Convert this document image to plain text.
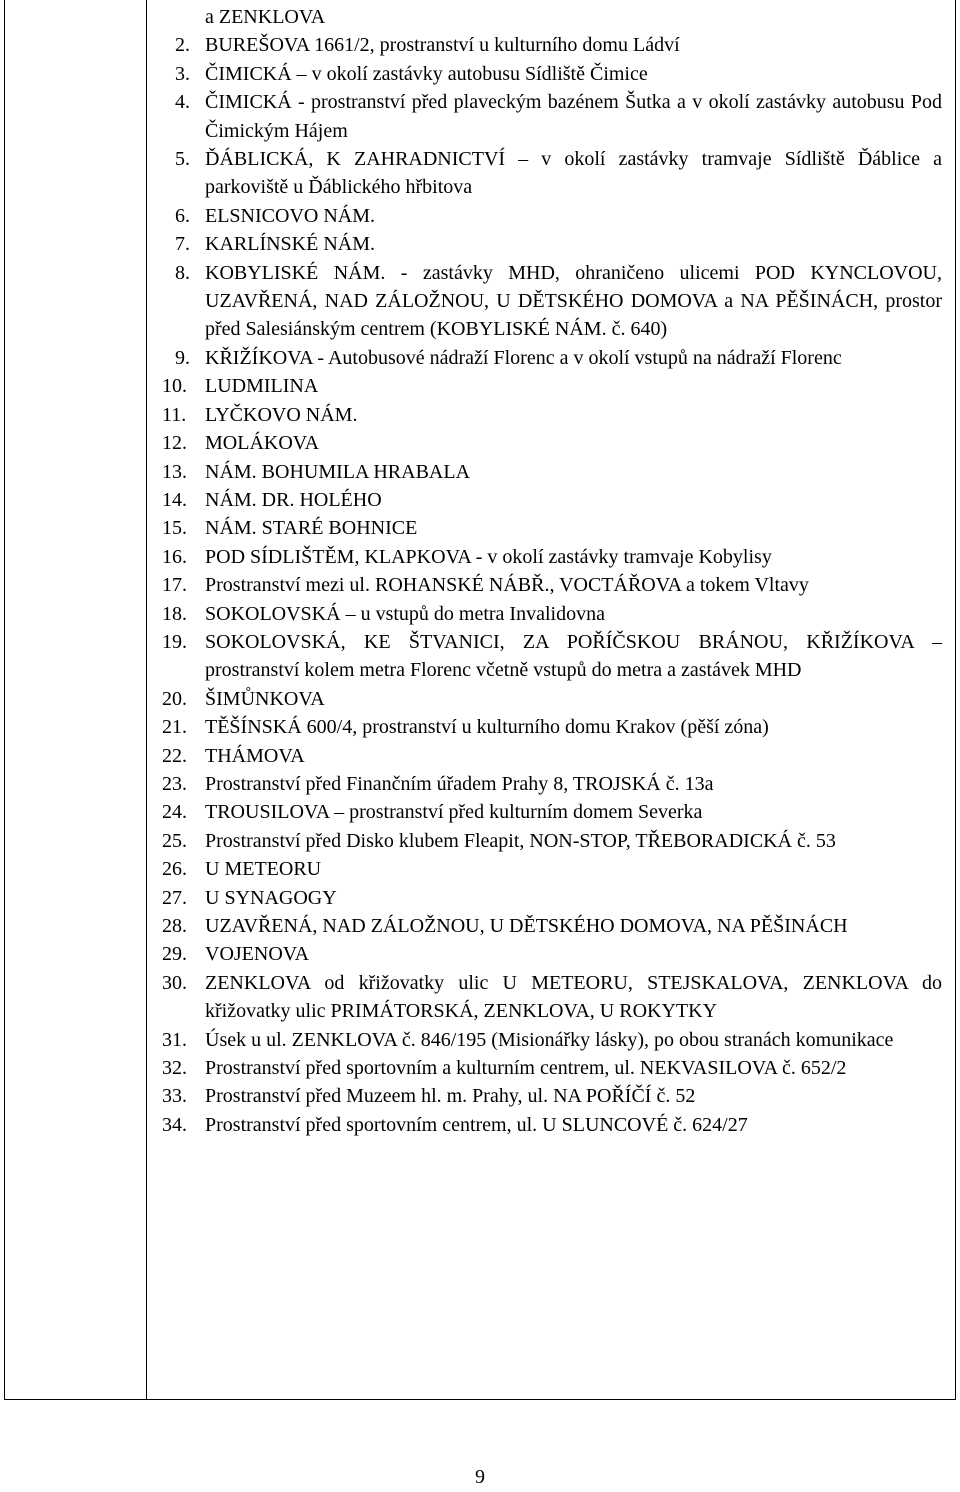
a ZENKLOVA
2. BUREŠOVA 1661/2, prostranství u kulturního domu Ládví
3. ČIMICKÁ – v okolí zastávky autobusu Sídliště Čimice
4. ČIMICKÁ - prostranství před plaveckým bazénem Šutka a v okolí zastávky autobusu Pod Čimickým Hájem
5. ĎÁBLICKÁ, K ZAHRADNICTVÍ – v okolí zastávky tramvaje Sídliště Ďáblice a parkoviště u Ďáblického hřbitova
6. ELSNICOVO NÁM.
7. KARLÍNSKÉ NÁM.
8. KOBYLISKÉ NÁM. - zastávky MHD, ohraničeno ulicemi POD KYNCLOVOU, UZAVŘENÁ, NAD ZÁLOŽNOU, U DĚTSKÉHO DOMOVA a NA PĚŠINÁCH, prostor před Salesiánským centrem (KOBYLISKÉ NÁM. č. 640)
9. KŘIŽÍKOVA - Autobusové nádraží Florenc a v okolí vstupů na nádraží Florenc
10. LUDMILINA
11. LYČKOVO NÁM.
12. MOLÁKOVA
13. NÁM. BOHUMILA HRABALA
14. NÁM. DR. HOLÉHO
15. NÁM. STARÉ BOHNICE
16. POD SÍDLIŠTĚM, KLAPKOVA - v okolí zastávky tramvaje Kobylisy
17. Prostranství mezi ul. ROHANSKÉ NÁBŘ., VOCTÁŘOVA a tokem Vltavy
18. SOKOLOVSKÁ – u vstupů do metra Invalidovna
19. SOKOLOVSKÁ, KE ŠTVANICI, ZA POŘÍČSKOU BRÁNOU, KŘIŽÍKOVA – prostranství kolem metra Florenc včetně vstupů do metra a zastávek MHD
20. ŠIMŮNKOVA
21. TĚŠÍNSKÁ 600/4, prostranství u kulturního domu Krakov (pěší zóna)
22. THÁMOVA
23. Prostranství před Finančním úřadem Prahy 8, TROJSKÁ č. 13a
24. TROUSILOVA – prostranství před kulturním domem Severka
25. Prostranství před Disko klubem Fleapit, NON-STOP, TŘEBORADICKÁ č. 53
26. U METEORU
27. U SYNAGOGY
28. UZAVŘENÁ, NAD ZÁLOŽNOU, U DĚTSKÉHO DOMOVA, NA PĚŠINÁCH
29. VOJENOVA
30. ZENKLOVA od křižovatky ulic U METEORU, STEJSKALOVA, ZENKLOVA do křižovatky ulic PRIMÁTORSKÁ, ZENKLOVA, U ROKYTKY
31. Úsek u ul. ZENKLOVA č. 846/195 (Misionářky lásky), po obou stranách komunikace
32. Prostranství před sportovním a kulturním centrem, ul. NEKVASILOVA č. 652/2
33. Prostranství před Muzeem hl. m. Prahy, ul. NA POŘÍČÍ č. 52
34. Prostranství před sportovním centrem, ul. U SLUNCOVÉ č. 624/27
9
